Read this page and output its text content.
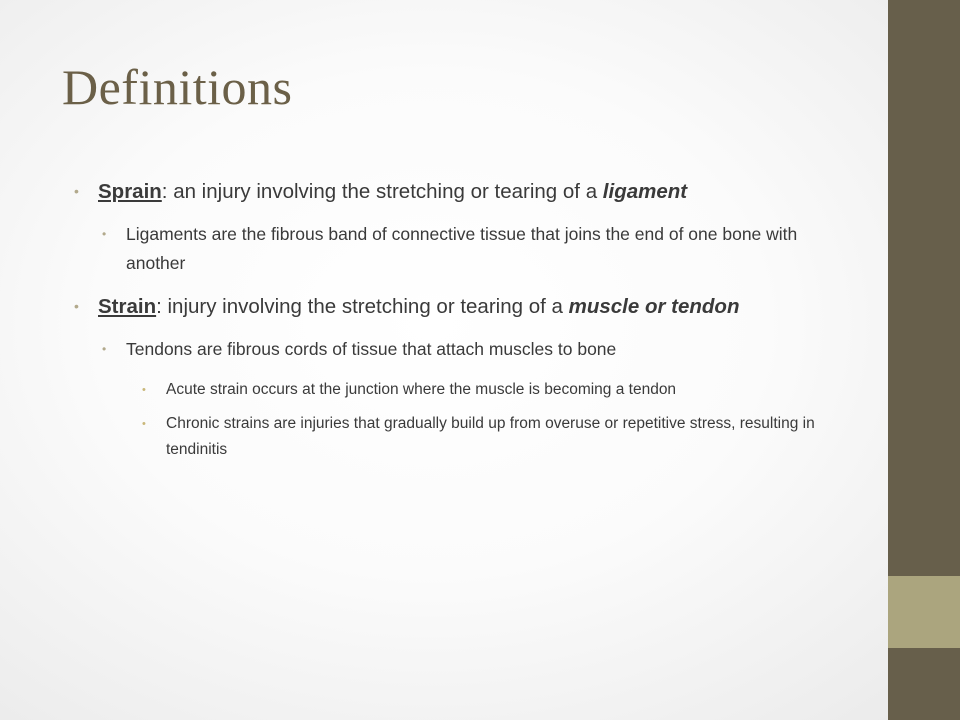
Definitions
• Sprain: an injury involving the stretching or tearing of a ligament
• Ligaments are the fibrous band of connective tissue that joins the end of one bone with another
• Strain: injury involving the stretching or tearing of a muscle or tendon
• Tendons are fibrous cords of tissue that attach muscles to bone
• Acute strain occurs at the junction where the muscle is becoming a tendon
• Chronic strains are injuries that gradually build up from overuse or repetitive stress, resulting in tendinitis
